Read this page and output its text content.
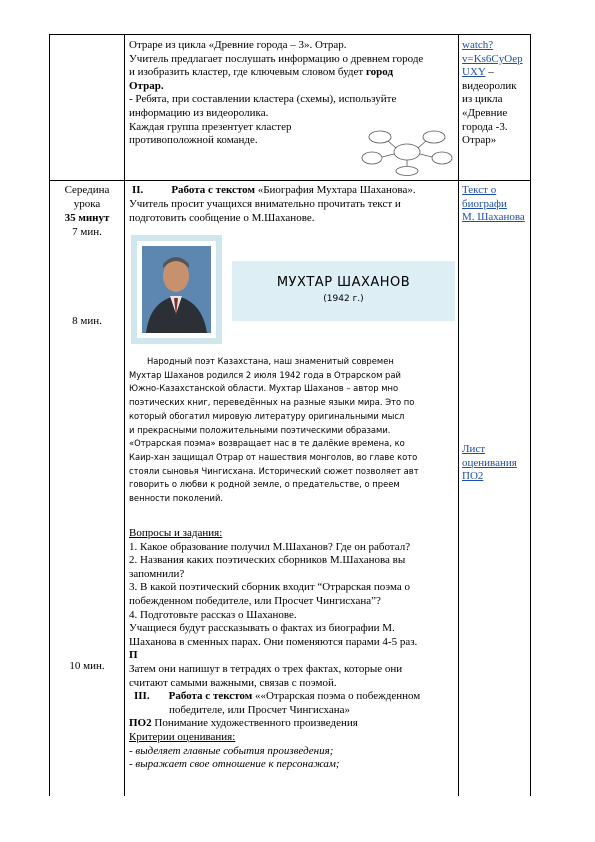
Отраре из цикла «Древние города – 3». Отрар.
Учитель предлагает послушать информацию о древнем городе
и изобразить кластер, где ключевым словом будет город
Отрар.
- Ребята, при составлении кластера (схемы), используйте
информацию из видеоролика.
Каждая группа презентует кластер
противоположной команде.
watch?
v=Ks6CyOep
UXY –
видеоролик
из цикла
«Древние
города -3.
Отрар»
Середина
урока
35 минут
7 мин.
8 мин.
10 мин.
II.	Работа с текстом «Биография Мухтара Шаханова».
Учитель просит учащихся внимательно прочитать текст и
подготовить сообщение о М.Шаханове.
МУХТАР ШАХАНОВ
(1942 г.)
Народный поэт Казахстана, наш знаменитый современ
Мухтар Шаханов родился 2 июля 1942 года в Отрарском рай
Южно-Казахстанской области. Мухтар Шаханов – автор мно
поэтических книг, переведённых на разные языки мира. Это по
который обогатил мировую литературу оригинальными мысл
и прекрасными положительными поэтическими образами.
«Отрарская поэма» возвращает нас в те далёкие времена, ко
Каир-хан защищал Отрар от нашествия монголов, во главе кото
стояли сыновья Чингисхана. Исторический сюжет позволяет авт
говорить о любви к родной земле, о предательстве, о преем
венности поколений.
Вопросы и задания:
1. Какое образование получил М.Шаханов? Где он работал?
2. Названия каких поэтических сборников М.Шаханова вы
запомнили?
3. В какой поэтический сборник входит “Отрарская поэма о
побежденном победителе, или Просчет Чингисхана”?
4. Подготовьте рассказ о Шаханове.
Учащиеся будут рассказывать о фактах из биографии М.
Шаханова в сменных парах. Они поменяются парами 4-5 раз.
П
Затем они напишут в тетрадях о трех фактах, которые они
считают самыми важными, связав с поэмой.
III. Работа с текстом ««Отрарская поэма о побежденном
победителе, или Просчет Чингисхана»
ПО2 Понимание художественного произведения
Критерии оценивания:
- выделяет главные события произведения;
- выражает свое отношение к персонажам;
Текст о
биографи
М. Шаханова
Лист
оценивания
ПО2
